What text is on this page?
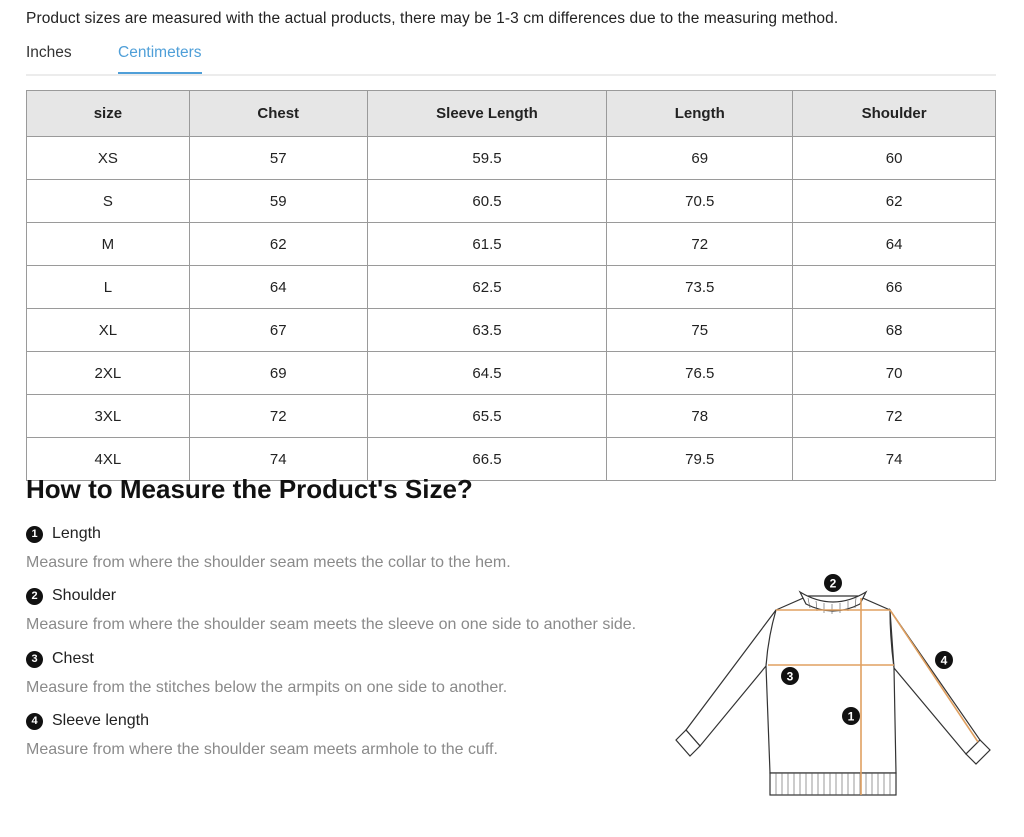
Product sizes are measured with the actual products, there may be 1-3 cm differences due to the measuring method.
Inches	Centimeters
size	Chest	Sleeve Length	Length	Shoulder
XS	57	59.5	69	60
S	59	60.5	70.5	62
M	62	61.5	72	64
L	64	62.5	73.5	66
XL	67	63.5	75	68
2XL	69	64.5	76.5	70
3XL	72	65.5	78	72
4XL	74	66.5	79.5	74
How to Measure the Product's Size?
1 Length
Measure from where the shoulder seam meets the collar to the hem.
2 Shoulder
Measure from where the shoulder seam meets the sleeve on one side to another side.
3 Chest
Measure from the stitches below the armpits on one side to another.
4 Sleeve length
Measure from where the shoulder seam meets armhole to the cuff.
2
3
1
4
